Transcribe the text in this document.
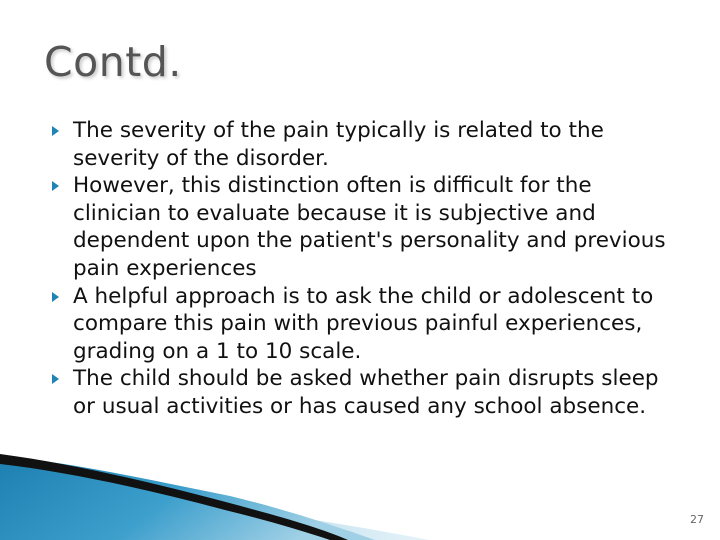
Contd.
The severity of the pain typically is related to the severity of the disorder.
However, this distinction often is difficult for the clinician to evaluate because it is subjective and dependent upon the patient's personality and previous pain experiences
A helpful approach is to ask the child or adolescent to compare this pain with previous painful experiences, grading on a 1 to 10 scale.
The child should be asked whether pain disrupts sleep or usual activities or has caused any school absence.
27
